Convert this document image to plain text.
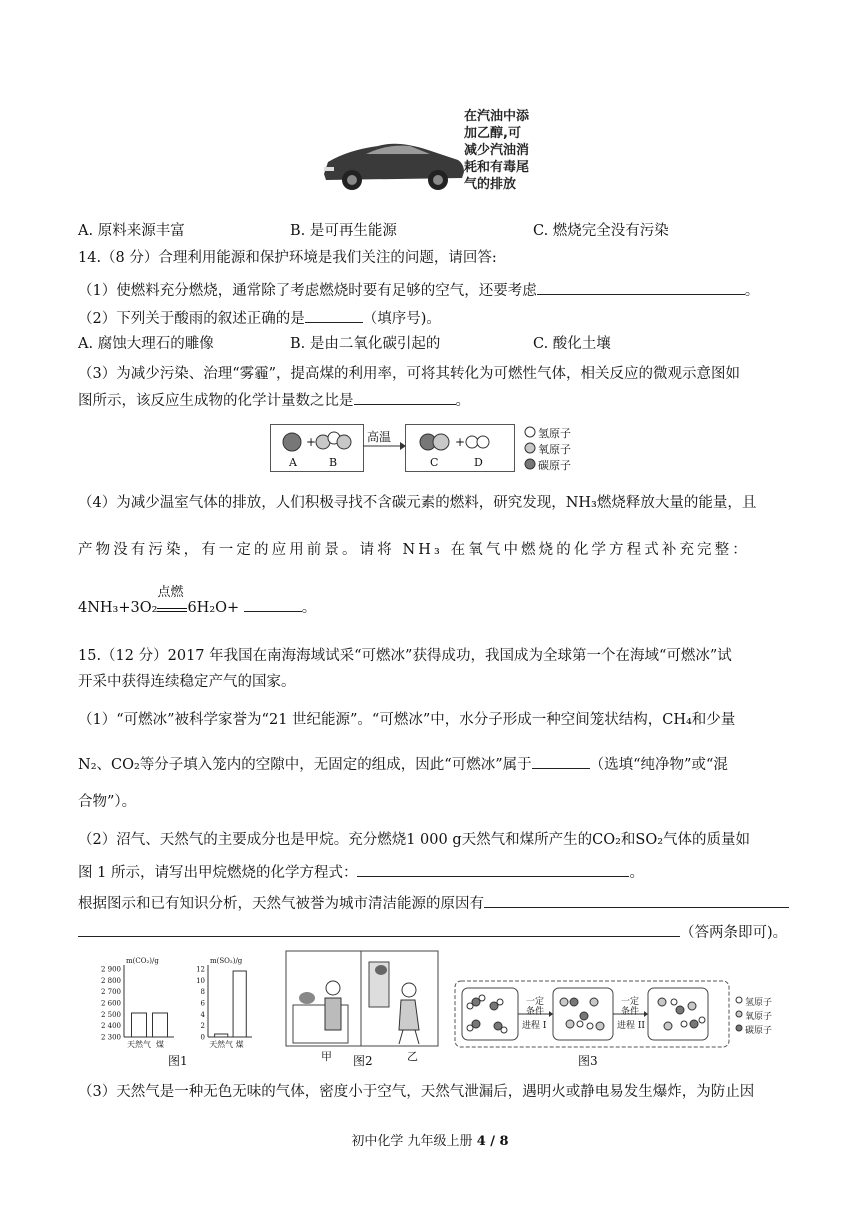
在汽油中添
加乙醇,可
减少汽油消
耗和有毒尾
气的排放
A. 原料来源丰富	B. 是可再生能源	C. 燃烧完全没有污染
14.（8 分）合理利用能源和保护环境是我们关注的问题，请回答:
（1）使燃料充分燃烧，通常除了考虑燃烧时要有足够的空气，还要考虑	。
（2）下列关于酸雨的叙述正确的是	（填序号)。
A. 腐蚀大理石的雕像	B. 是由二氧化碳引起的	C. 酸化土壤
（3）为减少污染、治理“雾霾”，提高煤的利用率，可将其转化为可燃性气体，相关反应的微观示意图如
图所示，该反应生成物的化学计量数之比是	。
+	+
高温
A	B	C	D
氢原子
氧原子
碳原子
（4）为减少温室气体的排放，人们积极寻找不含碳元素的燃料，研究发现，NH₃燃烧释放大量的能量，且
产物没有污染，有一定的应用前景。请将 NH₃ 在氧气中燃烧的化学方程式补充完整：
4NH₃+3O₂
点燃
6H₂O+	。
15.（12 分）2017 年我国在南海海域试采“可燃冰”获得成功，我国成为全球第一个在海域“可燃冰”试
开采中获得连续稳定产气的国家。
（1）“可燃冰”被科学家誉为“21 世纪能源”。“可燃冰”中，水分子形成一种空间笼状结构，CH₄和少量
N₂、CO₂等分子填入笼内的空隙中，无固定的组成，因此“可燃冰”属于	（选填“纯净物”或“混
合物”）。
（2）沼气、天然气的主要成分也是甲烷。充分燃烧1 000 g天然气和煤所产生的CO₂和SO₂气体的质量如
图 1 所示，请写出甲烷燃烧的化学方程式：	。
根据图示和已有知识分析，天然气被誉为城市清洁能源的原因有
（答两条即可)。
m(CO₂)/g
2 900
2 800
2 700
2 600
2 500
2 400
2 300
天然气 煤
m(SO₂)/g
12
10
8
6
4
2
0
天然气 煤
图1	甲	乙
图2
一定
条件
进程 I
一定
条件
进程 II
氢原子
氧原子
碳原子
图3
（3）天然气是一种无色无味的气体，密度小于空气，天然气泄漏后，遇明火或静电易发生爆炸，为防止因
初中化学 九年级上册 4 / 8
